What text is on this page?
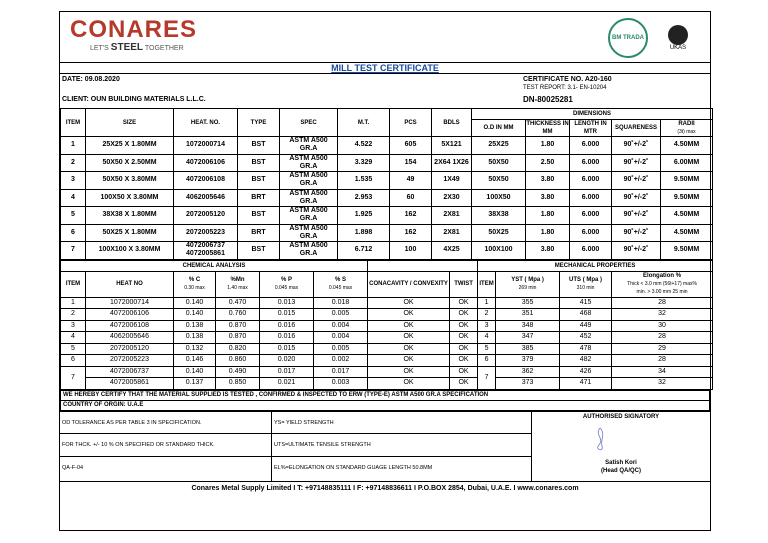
CONARES
LET'S STEEL TOGETHER
BM TRADA
UKAS
MILL TEST CERTIFICATE
DATE: 09.08.2020
CLIENT: OUN BUILDING MATERIALS L.L.C.
CERTIFICATE NO. A20-160
TEST REPORT: 3.1- EN-10204
DN-80025281
ITEM	SIZE	HEAT. NO.	TYPE	SPEC	M.T.	PCS	BDLS	DIMENSIONS				
								O.D IN MM	THICKNESS IN MM	LENGTH IN MTR	SQUARENESS	RADII
(3t) max

1	25X25 X 1.80MM	1072000714	BST	ASTM A500 GR.A	4.522	605	5X121	25X25	1.80	6.000	90˚+/-2˚	4.50MM
2	50X50 X 2.50MM	4072006106	BST	ASTM A500 GR.A	3.329	154	2X64 1X26	50X50	2.50	6.000	90˚+/-2˚	6.00MM
3	50X50 X 3.80MM	4072006108	BST	ASTM A500 GR.A	1.535	49	1X49	50X50	3.80	6.000	90˚+/-2˚	9.50MM
4	100X50 X 3.80MM	4062005646	BRT	ASTM A500 GR.A	2.953	60	2X30	100X50	3.80	6.000	90˚+/-2˚	9.50MM
5	38X38 X 1.80MM	2072005120	BST	ASTM A500 GR.A	1.925	162	2X81	38X38	1.80	6.000	90˚+/-2˚	4.50MM
6	50X25 X 1.80MM	2072005223	BRT	ASTM A500 GR.A	1.898	162	2X81	50X25	1.80	6.000	90˚+/-2˚	4.50MM
7	100X100 X 3.80MM	4072006737 4072005861	BST	ASTM A500 GR.A	6.712	100	4X25	100X100	3.80	6.000	90˚+/-2˚	9.50MM
CHEMICAL ANALYSIS								MECHANICAL PROPERTIES			
ITEM	HEAT NO	% C
0.30 max	%Mn
1.40 max	% P
0.045 max	% S
0.045 max	CONACAVITY / CONVEXITY	TWIST	ITEM	YST ( Mpa )
269 min	UTS ( Mpa )
310 min	Elongation %
Thick < 3.0 mm (56t+17) max%
min. > 3.00 mm 25 min

1	1072000714	0.140	0.470	0.013	0.018	OK	OK	1	355	415	28
2	4072006106	0.140	0.760	0.015	0.005	OK	OK	2	351	468	32
3	4072006108	0.138	0.870	0.016	0.004	OK	OK	3	348	449	30
4	4062005646	0.138	0.870	0.016	0.004	OK	OK	4	347	452	28
5	2072005120	0.132	0.820	0.015	0.005	OK	OK	5	385	478	29
6	2072005223	0.146	0.860	0.020	0.002	OK	OK	6	379	482	28
7	4072006737	0.140	0.490	0.017	0.017	OK	OK	7	362	426	34
	4072005861	0.137	0.850	0.021	0.003	OK	OK		373	471	32
WE HEREBY CERTIFY THAT THE MATERIAL SUPPLIED IS TESTED , CONFIRMED & INSPECTED TO ERW (TYPE-E) ASTM A500 GR.A SPECIFICATION
COUNTRY OF ORGIN: U.A.E
OD TOLERANCE AS PER TABLE 3 IN SPECIFICATION.
FOR THCK. +/- 10 % ON SPECIFIED OR STANDARD THICK.
QA-F-04
YS= YIELD STRENGTH
UTS=ULTIMATE TENSILE STRENGTH
EL%=ELONGATION ON STANDARD GUAGE LENGTH 50.8MM
AUTHORISED SIGNATORY
Satish Kori
(Head QA/QC)
Conares Metal Supply Limited I T: +97148835111 I F: +97148836611 I P.O.BOX 2854, Dubai, U.A.E. I www.conares.com
